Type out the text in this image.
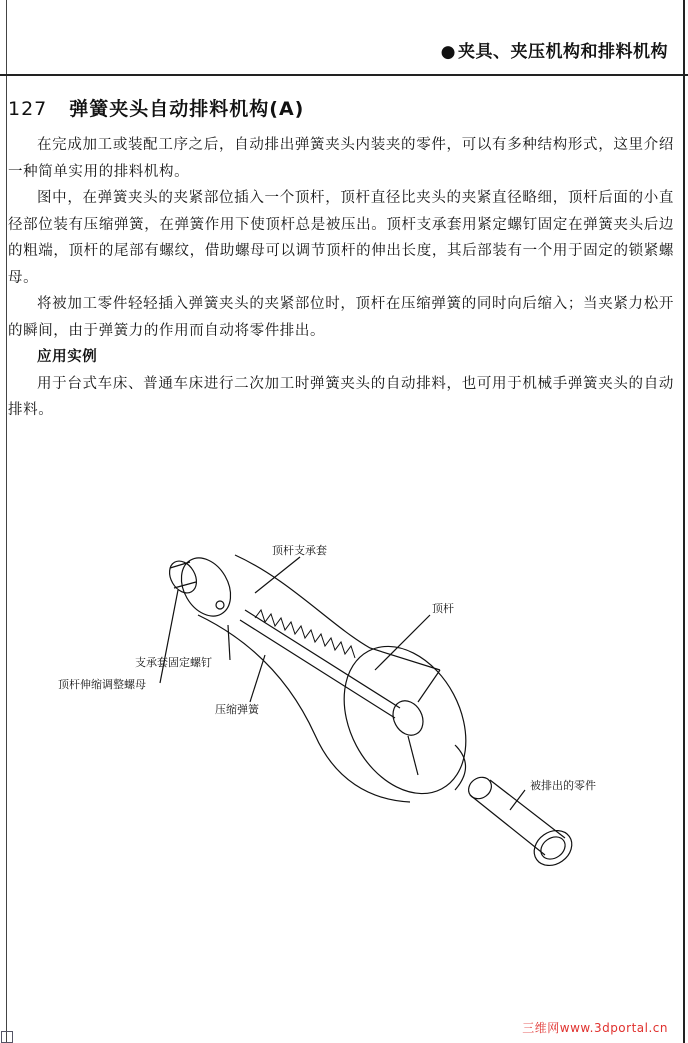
● 夹具、夹压机构和排料机构
127 弹簧夹头自动排料机构(A)

在完成加工或装配工序之后，自动排出弹簧夹头内装夹的零件，可以有多种结构形式，这里介绍一种简单实用的排料机构。

图中，在弹簧夹头的夹紧部位插入一个顶杆，顶杆直径比夹头的夹紧直径略细，顶杆后面的小直径部位装有压缩弹簧，在弹簧作用下使顶杆总是被压出。顶杆支承套用紧定螺钉固定在弹簧夹头后边的粗端，顶杆的尾部有螺纹，借助螺母可以调节顶杆的伸出长度，其后部装有一个用于固定的锁紧螺母。

将被加工零件轻轻插入弹簧夹头的夹紧部位时，顶杆在压缩弹簧的同时向后缩入；当夹紧力松开的瞬间，由于弹簧力的作用而自动将零件排出。

应用实例

用于台式车床、普通车床进行二次加工时弹簧夹头的自动排料，也可用于机械手弹簧夹头的自动排料。

顶杆支承套
顶杆
支承套固定螺钉
顶杆伸缩调整螺母
压缩弹簧
被排出的零件
三维网www.3dportal.cn
